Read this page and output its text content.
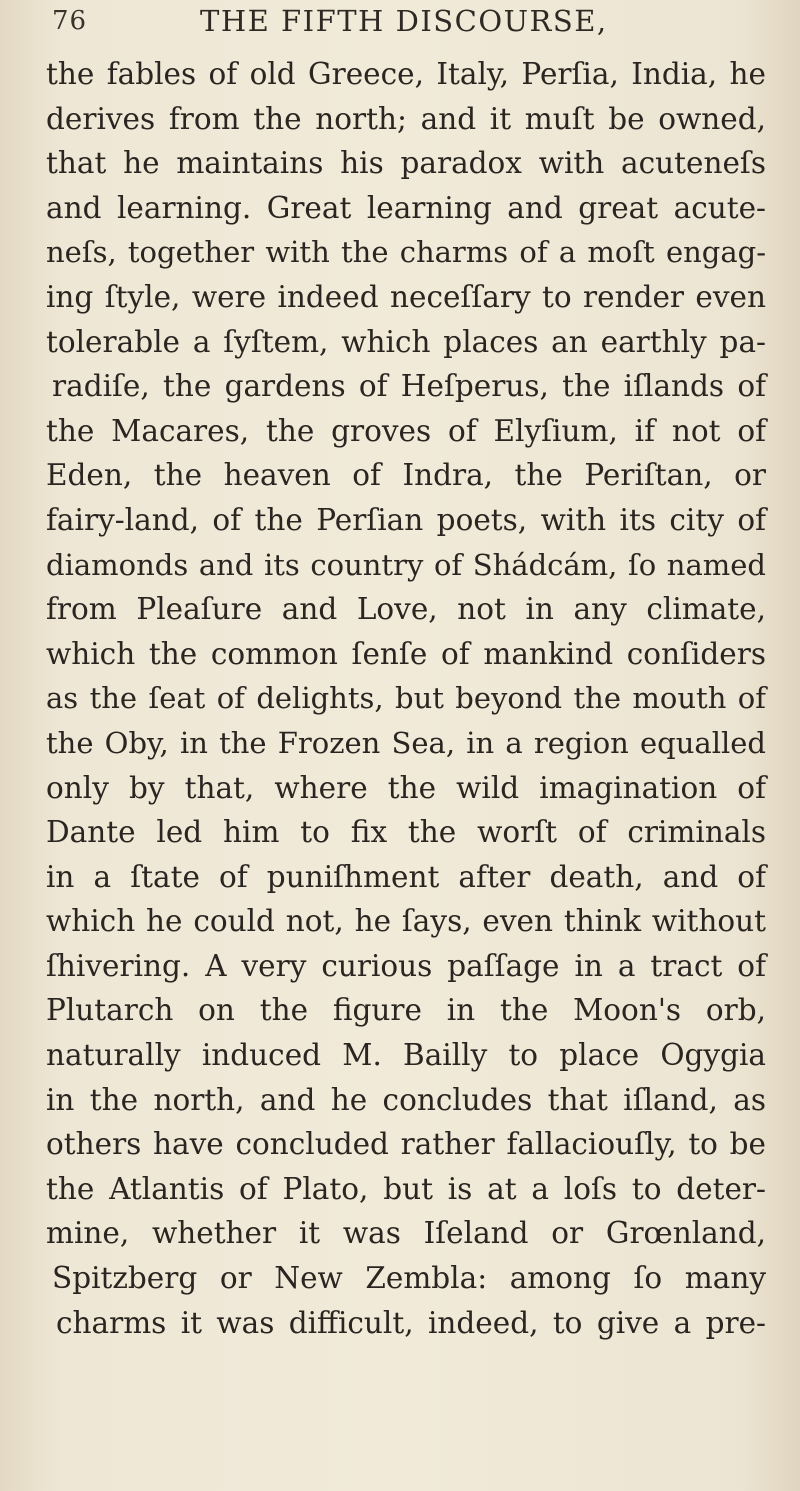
76	THE FIFTH DISCOURSE,
the fables of old Greece, Italy, Perſia, India, he
derives from the north; and it muſt be owned,
that he maintains his paradox with acuteneſs
and learning. Great learning and great acute-
neſs, together with the charms of a moſt engag-
ing ſtyle, were indeed neceſſary to render even
tolerable a ſyſtem, which places an earthly pa-
radiſe, the gardens of Heſperus, the iſlands of
the Macares, the groves of Elyſium, if not of
Eden, the heaven of Indra, the Periſtan, or
fairy-land, of the Perſian poets, with its city of
diamonds and its country of Shádcám, ſo named
from Pleaſure and Love, not in any climate,
which the common ſenſe of mankind conſiders
as the ſeat of delights, but beyond the mouth of
the Oby, in the Frozen Sea, in a region equalled
only by that, where the wild imagination of
Dante led him to fix the worſt of criminals
in a ſtate of puniſhment after death, and of
which he could not, he ſays, even think without
ſhivering. A very curious paſſage in a tract of
Plutarch on the figure in the Moon's orb,
naturally induced M. Bailly to place Ogygia
in the north, and he concludes that iſland, as
others have concluded rather fallaciouſly, to be
the Atlantis of Plato, but is at a loſs to deter-
mine, whether it was Iſeland or Grœnland,
Spitzberg or New Zembla: among ſo many
charms it was difficult, indeed, to give a pre-
